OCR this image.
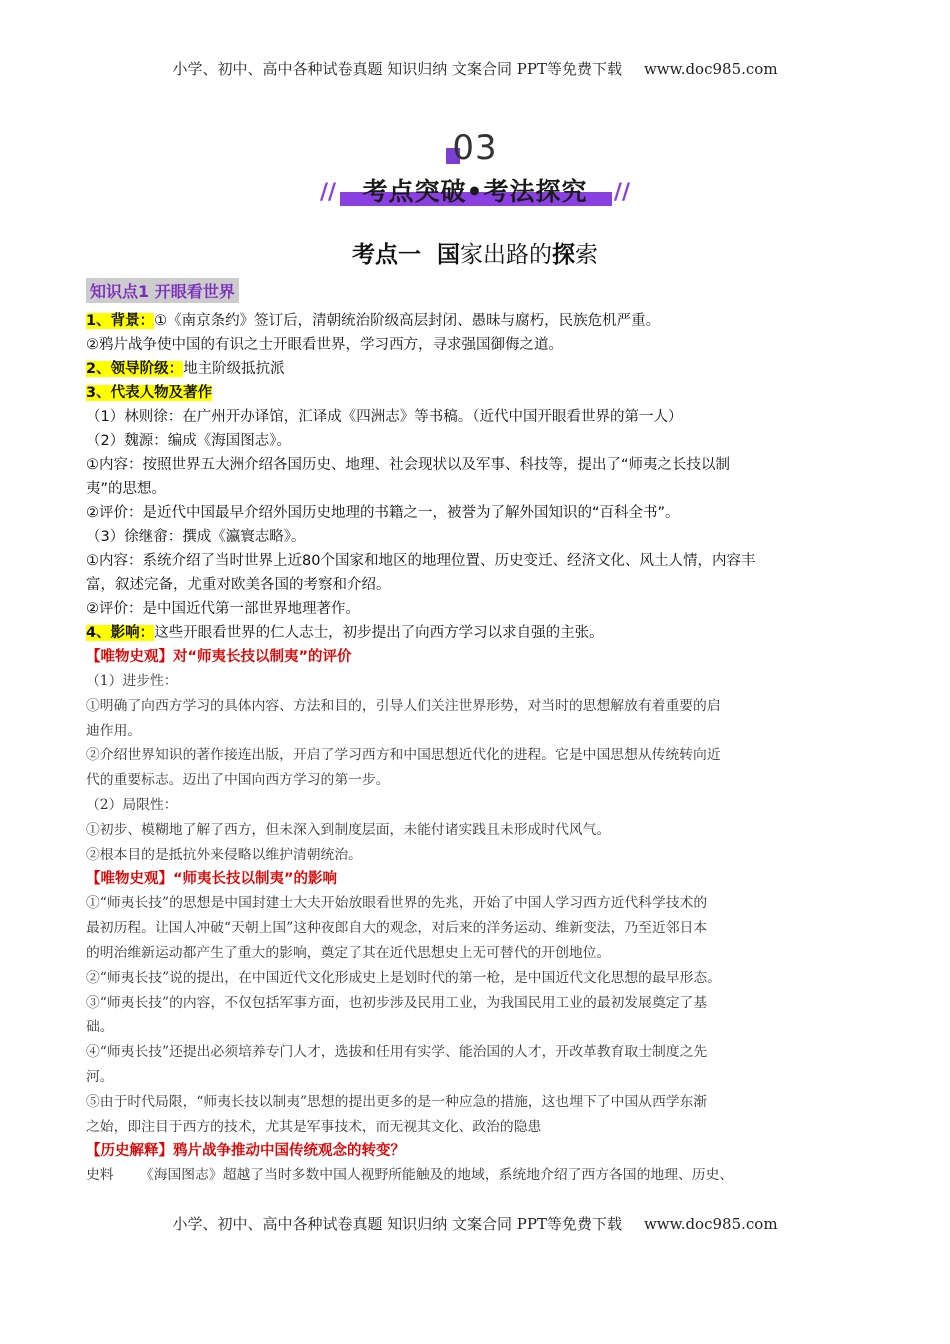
小学、初中、高中各种试卷真题 知识归纳 文案合同 PPT等免费下载 www.doc985.com
03
//	考点突破•考法探究	//
考点一 国家出路的探索
知识点1 开眼看世界

1、背景：①《南京条约》签订后，清朝统治阶级高层封闭、愚昧与腐朽，民族危机严重。

②鸦片战争使中国的有识之士开眼看世界，学习西方，寻求强国御侮之道。

2、领导阶级：地主阶级抵抗派

3、代表人物及著作

（1）林则徐：在广州开办译馆，汇译成《四洲志》等书稿。（近代中国开眼看世界的第一人）

（2）魏源：编成《海国图志》。

①内容：按照世界五大洲介绍各国历史、地理、社会现状以及军事、科技等，提出了“师夷之长技以制

夷”的思想。

②评价：是近代中国最早介绍外国历史地理的书籍之一，被誉为了解外国知识的“百科全书”。

（3）徐继畲：撰成《瀛寰志略》。

①内容：系统介绍了当时世界上近80个国家和地区的地理位置、历史变迁、经济文化、风土人情，内容丰

富，叙述完备，尤重对欧美各国的考察和介绍。

②评价：是中国近代第一部世界地理著作。

4、影响：这些开眼看世界的仁人志士，初步提出了向西方学习以求自强的主张。

【唯物史观】对“师夷长技以制夷”的评价

（1）进步性：

①明确了向西方学习的具体内容、方法和目的，引导人们关注世界形势，对当时的思想解放有着重要的启

迪作用。

②介绍世界知识的著作接连出版，开启了学习西方和中国思想近代化的进程。它是中国思想从传统转向近

代的重要标志。迈出了中国向西方学习的第一步。

（2）局限性：

①初步、模糊地了解了西方，但未深入到制度层面，未能付诸实践且未形成时代风气。

②根本目的是抵抗外来侵略以维护清朝统治。

【唯物史观】“师夷长技以制夷”的影响

①“师夷长技”的思想是中国封建士大夫开始放眼看世界的先兆，开始了中国人学习西方近代科学技术的

最初历程。让国人冲破“天朝上国”这种夜郎自大的观念，对后来的洋务运动、维新变法，乃至近邻日本

的明治维新运动都产生了重大的影响，奠定了其在近代思想史上无可替代的开创地位。

②“师夷长技”说的提出，在中国近代文化形成史上是划时代的第一枪，是中国近代文化思想的最早形态。

③“师夷长技”的内容，不仅包括军事方面，也初步涉及民用工业，为我国民用工业的最初发展奠定了基

础。

④“师夷长技”还提出必须培养专门人才，选拔和任用有实学、能治国的人才，开改革教育取士制度之先

河。

⑤由于时代局限，“师夷长技以制夷”思想的提出更多的是一种应急的措施，这也埋下了中国从西学东渐

之始，即注目于西方的技术，尤其是军事技术，而无视其文化、政治的隐患

【历史解释】鸦片战争推动中国传统观念的转变？

史料 《海国图志》超越了当时多数中国人视野所能触及的地域，系统地介绍了西方各国的地理、历史、

小学、初中、高中各种试卷真题 知识归纳 文案合同 PPT等免费下载 www.doc985.com
